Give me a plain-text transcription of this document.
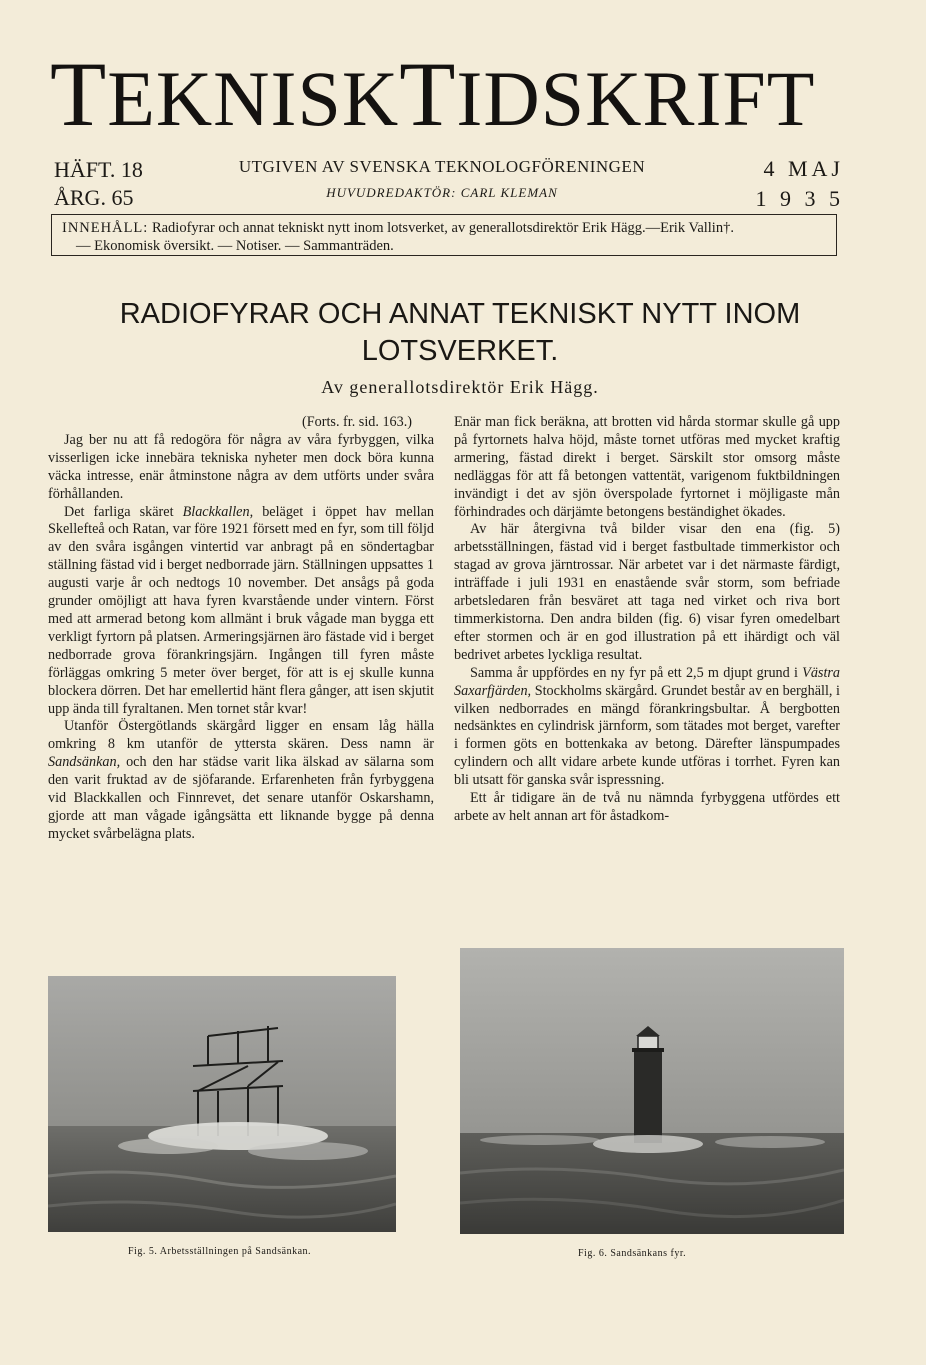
TEKNISKTIDSKRIFT
HÄFT. 18
ÅRG. 65
UTGIVEN AV SVENSKA TEKNOLOGFÖRENINGEN
HUVUDREDAKTÖR: CARL KLEMAN
4 MAJ
1 9 3 5
INNEHÅLL: Radiofyrar och annat tekniskt nytt inom lotsverket, av generallotsdirektör Erik Hägg.—Erik Vallin†.
— Ekonomisk översikt. — Notiser. — Sammanträden.
RADIOFYRAR OCH ANNAT TEKNISKT NYTT INOM
LOTSVERKET.
Av generallotsdirektör Erik Hägg.

(Forts. fr. sid. 163.)

Jag ber nu att få redogöra för några av våra fyrbyggen, vilka visserligen icke innebära tekniska nyheter men dock böra kunna väcka intresse, enär åtminstone några av dem utförts under svåra förhållanden.

Det farliga skäret Blackkallen, beläget i öppet hav mellan Skellefteå och Ratan, var före 1921 försett med en fyr, som till följd av den svåra isgången vintertid var anbragt på en söndertagbar ställning fästad vid i berget nedborrade järn. Ställningen uppsattes 1 augusti varje år och nedtogs 10 november. Det ansågs på goda grunder omöjligt att hava fyren kvarstående under vintern. Först med att armerad betong kom allmänt i bruk vågade man bygga ett verkligt fyrtorn på platsen. Armeringsjärnen äro fästade vid i berget nedborrade grova förankringsjärn. Ingången till fyren måste förläggas omkring 5 meter över berget, för att is ej skulle kunna blockera dörren. Det har emellertid hänt flera gånger, att isen skjutit upp ända till fyraltanen. Men tornet står kvar!

Utanför Östergötlands skärgård ligger en ensam låg hälla omkring 8 km utanför de yttersta skären. Dess namn är Sandsänkan, och den har städse varit lika älskad av sälarna som den varit fruktad av de sjöfarande. Erfarenheten från fyrbyggena vid Blackkallen och Finnrevet, det senare utanför Oskarshamn, gjorde att man vågade igångsätta ett liknande bygge på denna mycket svårbelägna plats.

Enär man fick beräkna, att brotten vid hårda stormar skulle gå upp på fyrtornets halva höjd, måste tornet utföras med mycket kraftig armering, fästad direkt i berget. Särskilt stor omsorg måste nedläggas för att få betongen vattentät, varigenom fuktbildningen invändigt i det av sjön överspolade fyrtornet i möjligaste mån förhindrades och därjämte betongens beständighet ökades.

Av här återgivna två bilder visar den ena (fig. 5) arbetsställningen, fästad vid i berget fastbultade timmerkistor och stagad av grova järntrossar. När arbetet var i det närmaste färdigt, inträffade i juli 1931 en enastående svår storm, som befriade arbetsledaren från besväret att taga ned virket och riva bort timmerkistorna. Den andra bilden (fig. 6) visar fyren omedelbart efter stormen och är en god illustration på ett ihärdigt och väl bedrivet arbetes lyckliga resultat.

Samma år uppfördes en ny fyr på ett 2,5 m djupt grund i Västra Saxarfjärden, Stockholms skärgård. Grundet består av en berghäll, i vilken nedborrades en mängd förankringsbultar. Å bergbotten nedsänktes en cylindrisk järnform, som tätades mot berget, varefter i formen göts en bottenkaka av betong. Därefter länspumpades cylindern och allt vidare arbete kunde utföras i torrhet. Fyren kan bli utsatt för ganska svår ispressning.

Ett år tidigare än de två nu nämnda fyrbyggena utfördes ett arbete av helt annan art för åstadkom-

Fig. 5. Arbetsställningen på Sandsänkan.	Fig. 6. Sandsänkans fyr.
